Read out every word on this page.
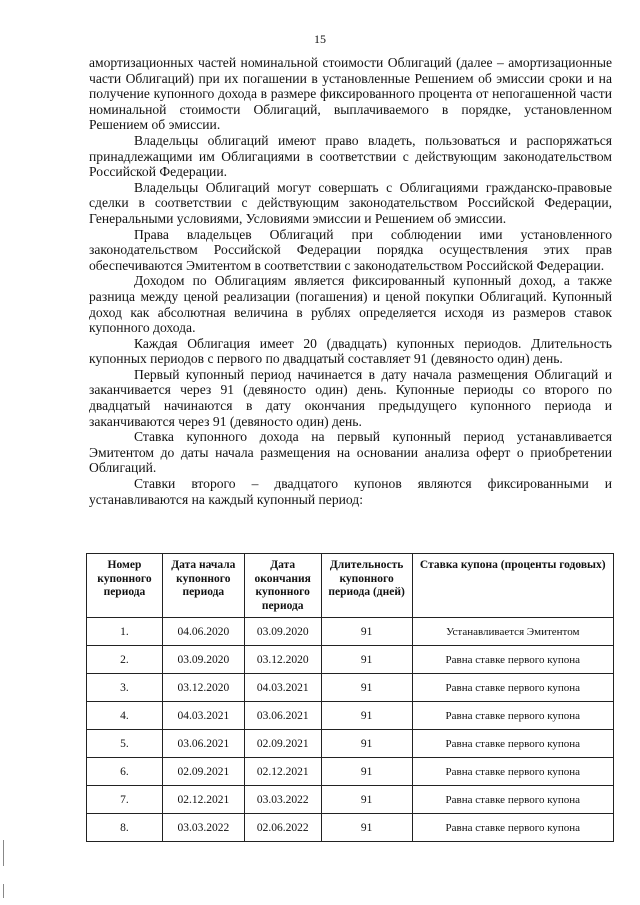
15

амортизационных частей номинальной стоимости Облигаций (далее – амортизационные части Облигаций) при их погашении в установленные Решением об эмиссии сроки и на получение купонного дохода в размере фиксированного процента от непогашенной части номинальной стоимости Облигаций, выплачиваемого в порядке, установленном Решением об эмиссии.

Владельцы облигаций имеют право владеть, пользоваться и распоряжаться принадлежащими им Облигациями в соответствии с действующим законодательством Российской Федерации.

Владельцы Облигаций могут совершать с Облигациями гражданско-правовые сделки в соответствии с действующим законодательством Российской Федерации, Генеральными условиями, Условиями эмиссии и Решением об эмиссии.

Права владельцев Облигаций при соблюдении ими установленного законодательством Российской Федерации порядка осуществления этих прав обеспечиваются Эмитентом в соответствии с законодательством Российской Федерации.

Доходом по Облигациям является фиксированный купонный доход, а также разница между ценой реализации (погашения) и ценой покупки Облигаций. Купонный доход как абсолютная величина в рублях определяется исходя из размеров ставок купонного дохода.

Каждая Облигация имеет 20 (двадцать) купонных периодов. Длительность купонных периодов с первого по двадцатый составляет 91 (девяносто один) день.

Первый купонный период начинается в дату начала размещения Облигаций и заканчивается через 91 (девяносто один) день. Купонные периоды со второго по двадцатый начинаются в дату окончания предыдущего купонного периода и заканчиваются через 91 (девяносто один) день.

Ставка купонного дохода на первый купонный период устанавливается Эмитентом до даты начала размещения на основании анализа оферт о приобретении Облигаций.

Ставки второго – двадцатого купонов являются фиксированными и устанавливаются на каждый купонный период:

Номер купонного периода	Дата начала купонного периода	Дата окончания купонного периода	Длительность купонного периода (дней)	Ставка купона (проценты годовых)
1.	04.06.2020	03.09.2020	91	Устанавливается Эмитентом
2.	03.09.2020	03.12.2020	91	Равна ставке первого купона
3.	03.12.2020	04.03.2021	91	Равна ставке первого купона
4.	04.03.2021	03.06.2021	91	Равна ставке первого купона
5.	03.06.2021	02.09.2021	91	Равна ставке первого купона
6.	02.09.2021	02.12.2021	91	Равна ставке первого купона
7.	02.12.2021	03.03.2022	91	Равна ставке первого купона
8.	03.03.2022	02.06.2022	91	Равна ставке первого купона
